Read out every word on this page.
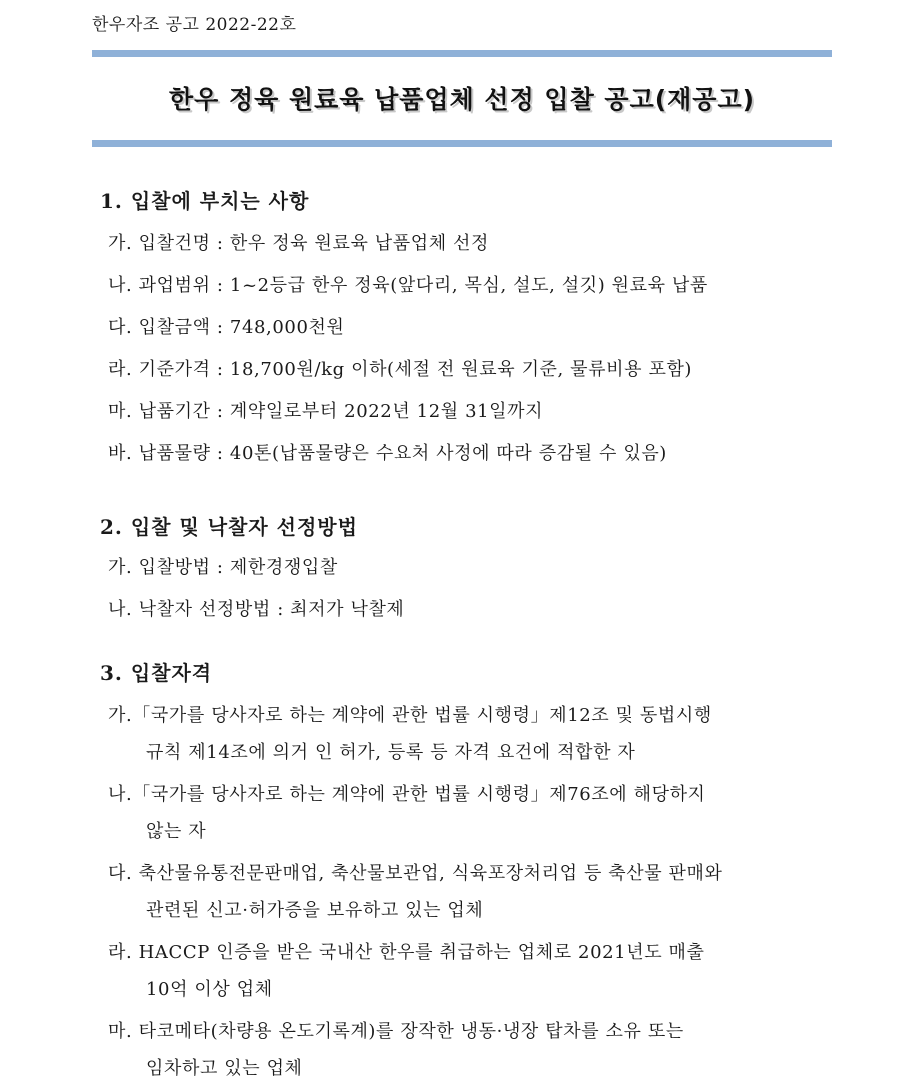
한우자조 공고 2022-22호
한우 정육 원료육 납품업체 선정 입찰 공고(재공고)
1. 입찰에 부치는 사항
가. 입찰건명 : 한우 정육 원료육 납품업체 선정
나. 과업범위 : 1~2등급 한우 정육(앞다리, 목심, 설도, 설깃) 원료육 납품
다. 입찰금액 : 748,000천원
라. 기준가격 : 18,700원/kg 이하(세절 전 원료육 기준, 물류비용 포함)
마. 납품기간 : 계약일로부터 2022년 12월 31일까지
바. 납품물량 : 40톤(납품물량은 수요처 사정에 따라 증감될 수 있음)
2. 입찰 및 낙찰자 선정방법
가. 입찰방법 : 제한경쟁입찰
나. 낙찰자 선정방법 : 최저가 낙찰제
3. 입찰자격
가.「국가를 당사자로 하는 계약에 관한 법률 시행령」제12조 및 동법시행
규칙 제14조에 의거 인 허가, 등록 등 자격 요건에 적합한 자
나.「국가를 당사자로 하는 계약에 관한 법률 시행령」제76조에 해당하지
않는 자
다. 축산물유통전문판매업, 축산물보관업, 식육포장처리업 등 축산물 판매와
관련된 신고·허가증을 보유하고 있는 업체
라. HACCP 인증을 받은 국내산 한우를 취급하는 업체로 2021년도 매출
10억 이상 업체
마. 타코메타(차량용 온도기록계)를 장작한 냉동·냉장 탑차를 소유 또는
임차하고 있는 업체
